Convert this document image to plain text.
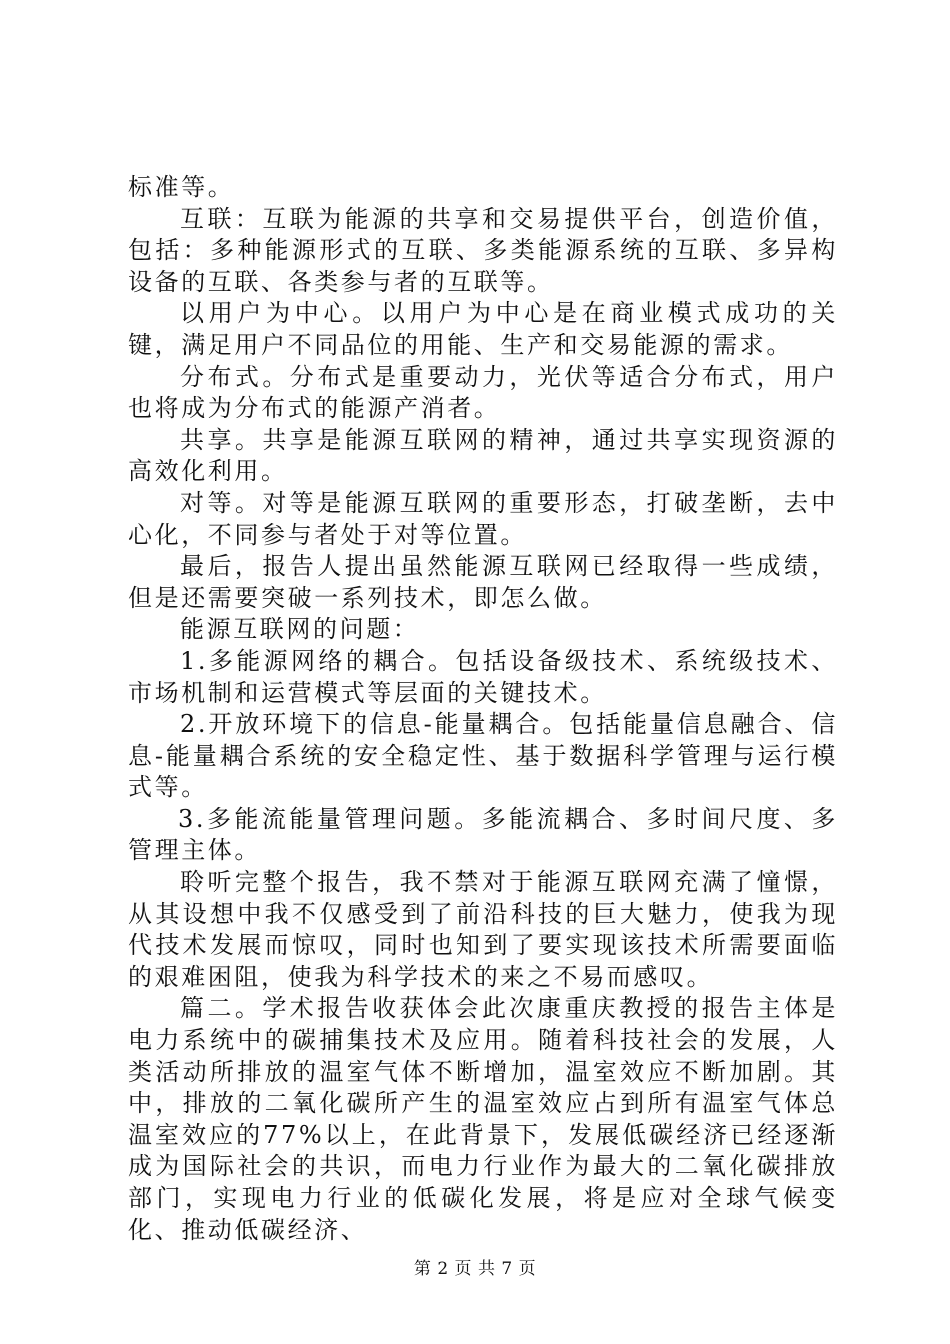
标准等。

互联：互联为能源的共享和交易提供平台，创造价值，包括：多种能源形式的互联、多类能源系统的互联、多异构设备的互联、各类参与者的互联等。

以用户为中心。以用户为中心是在商业模式成功的关键，满足用户不同品位的用能、生产和交易能源的需求。

分布式。分布式是重要动力，光伏等适合分布式，用户也将成为分布式的能源产消者。

共享。共享是能源互联网的精神，通过共享实现资源的高效化利用。

对等。对等是能源互联网的重要形态，打破垄断，去中心化，不同参与者处于对等位置。

最后，报告人提出虽然能源互联网已经取得一些成绩，但是还需要突破一系列技术，即怎么做。

能源互联网的问题：

1.多能源网络的耦合。包括设备级技术、系统级技术、市场机制和运营模式等层面的关键技术。

2.开放环境下的信息-能量耦合。包括能量信息融合、信息-能量耦合系统的安全稳定性、基于数据科学管理与运行模式等。

3.多能流能量管理问题。多能流耦合、多时间尺度、多管理主体。

聆听完整个报告，我不禁对于能源互联网充满了憧憬，从其设想中我不仅感受到了前沿科技的巨大魅力，使我为现代技术发展而惊叹，同时也知到了要实现该技术所需要面临的艰难困阻，使我为科学技术的来之不易而感叹。

篇二。学术报告收获体会此次康重庆教授的报告主体是电力系统中的碳捕集技术及应用。随着科技社会的发展，人类活动所排放的温室气体不断增加，温室效应不断加剧。其中，排放的二氧化碳所产生的温室效应占到所有温室气体总温室效应的77%以上，在此背景下，发展低碳经济已经逐渐成为国际社会的共识，而电力行业作为最大的二氧化碳排放部门，实现电力行业的低碳化发展，将是应对全球气候变化、推动低碳经济、

第 2 页 共 7 页
